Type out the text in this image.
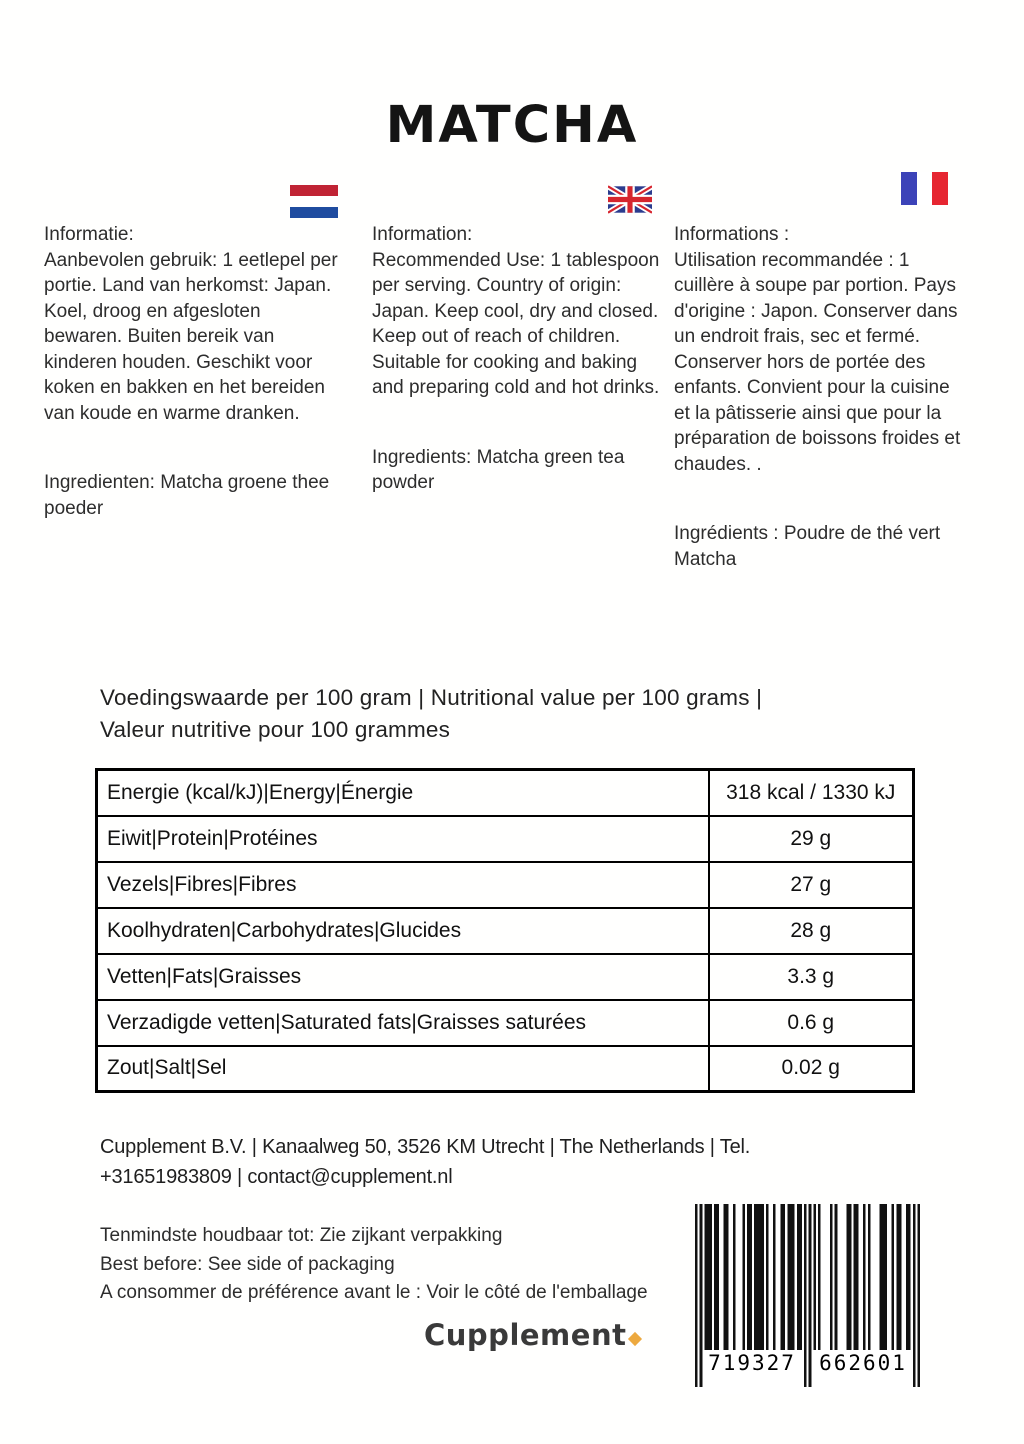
MATCHA
Informatie:
Aanbevolen gebruik: 1 eetlepel per portie. Land van herkomst: Japan. Koel, droog en afgesloten bewaren. Buiten bereik van kinderen houden. Geschikt voor koken en bakken en het bereiden van koude en warme dranken.
Ingredienten: Matcha groene thee poeder
Information:
Recommended Use: 1 tablespoon per serving. Country of origin: Japan. Keep cool, dry and closed. Keep out of reach of children. Suitable for cooking and baking and preparing cold and hot drinks.
Ingredients: Matcha green tea powder
Informations :
Utilisation recommandée : 1 cuillère à soupe par portion. Pays d'origine : Japon. Conserver dans un endroit frais, sec et fermé. Conserver hors de portée des enfants. Convient pour la cuisine et la pâtisserie ainsi que pour la préparation de boissons froides et chaudes. .
Ingrédients : Poudre de thé vert Matcha
Voedingswaarde per 100 gram | Nutritional value per 100 grams |
Valeur nutritive pour 100 grammes
Energie (kcal/kJ)|Energy|Énergie	318 kcal / 1330 kJ
Eiwit|Protein|Protéines	29 g
Vezels|Fibres|Fibres	27 g
Koolhydraten|Carbohydrates|Glucides	28 g
Vetten|Fats|Graisses	3.3 g
Verzadigde vetten|Saturated fats|Graisses saturées	0.6 g
Zout|Salt|Sel	0.02 g
Cupplement B.V. | Kanaalweg 50, 3526 KM Utrecht | The Netherlands | Tel.
+31651983809 | contact@cupplement.nl
Tenmindste houdbaar tot: Zie zijkant verpakking
Best before: See side of packaging
A consommer de préférence avant le : Voir le côté de l'emballage
Cupplement
719327 662601
